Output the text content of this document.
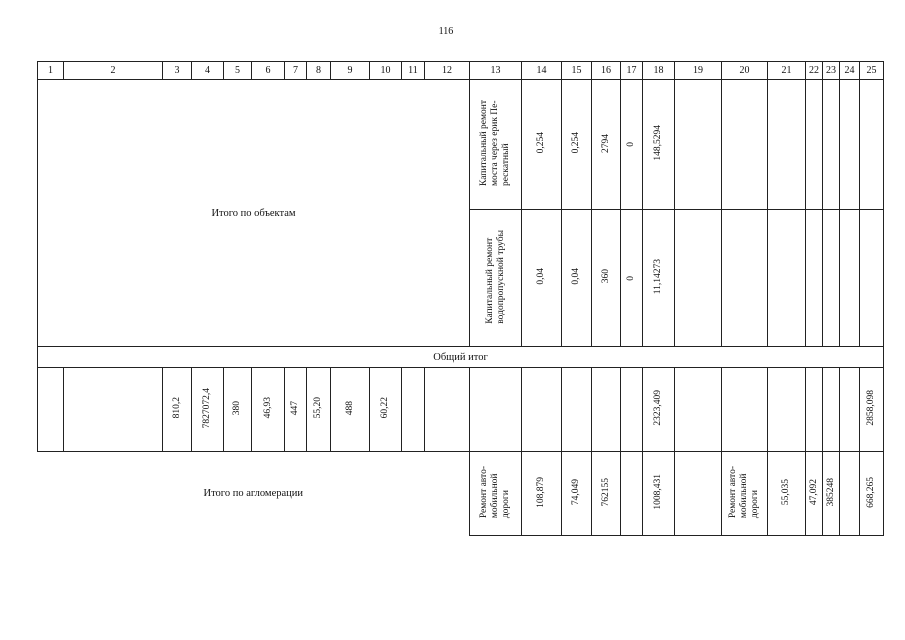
116
1	2	3	4	5	6	7	8	9	10	11	12	13	14	15	16	17	18	19	20	21	22	23	24	25
Итого по объектам												Капитальный ремонт
моста через ерик Пе-
рескатный	0,254	0,254	2794	0	148,5294							
												Капитальный ремонт
водопропускной трубы	0,04	0,04	360	0	11,14273							
Общий итог																								
		810,2	7827072,4	380	46,93	447	55,20	488	60,22								2323,409							2858,098
Итого по агломерации												Ремонт авто-
мобильной
дороги	108,879	74,049	762155		1008,431		Ремонт авто-
мобильной
дороги	55,035	47,092	385248		668,265
